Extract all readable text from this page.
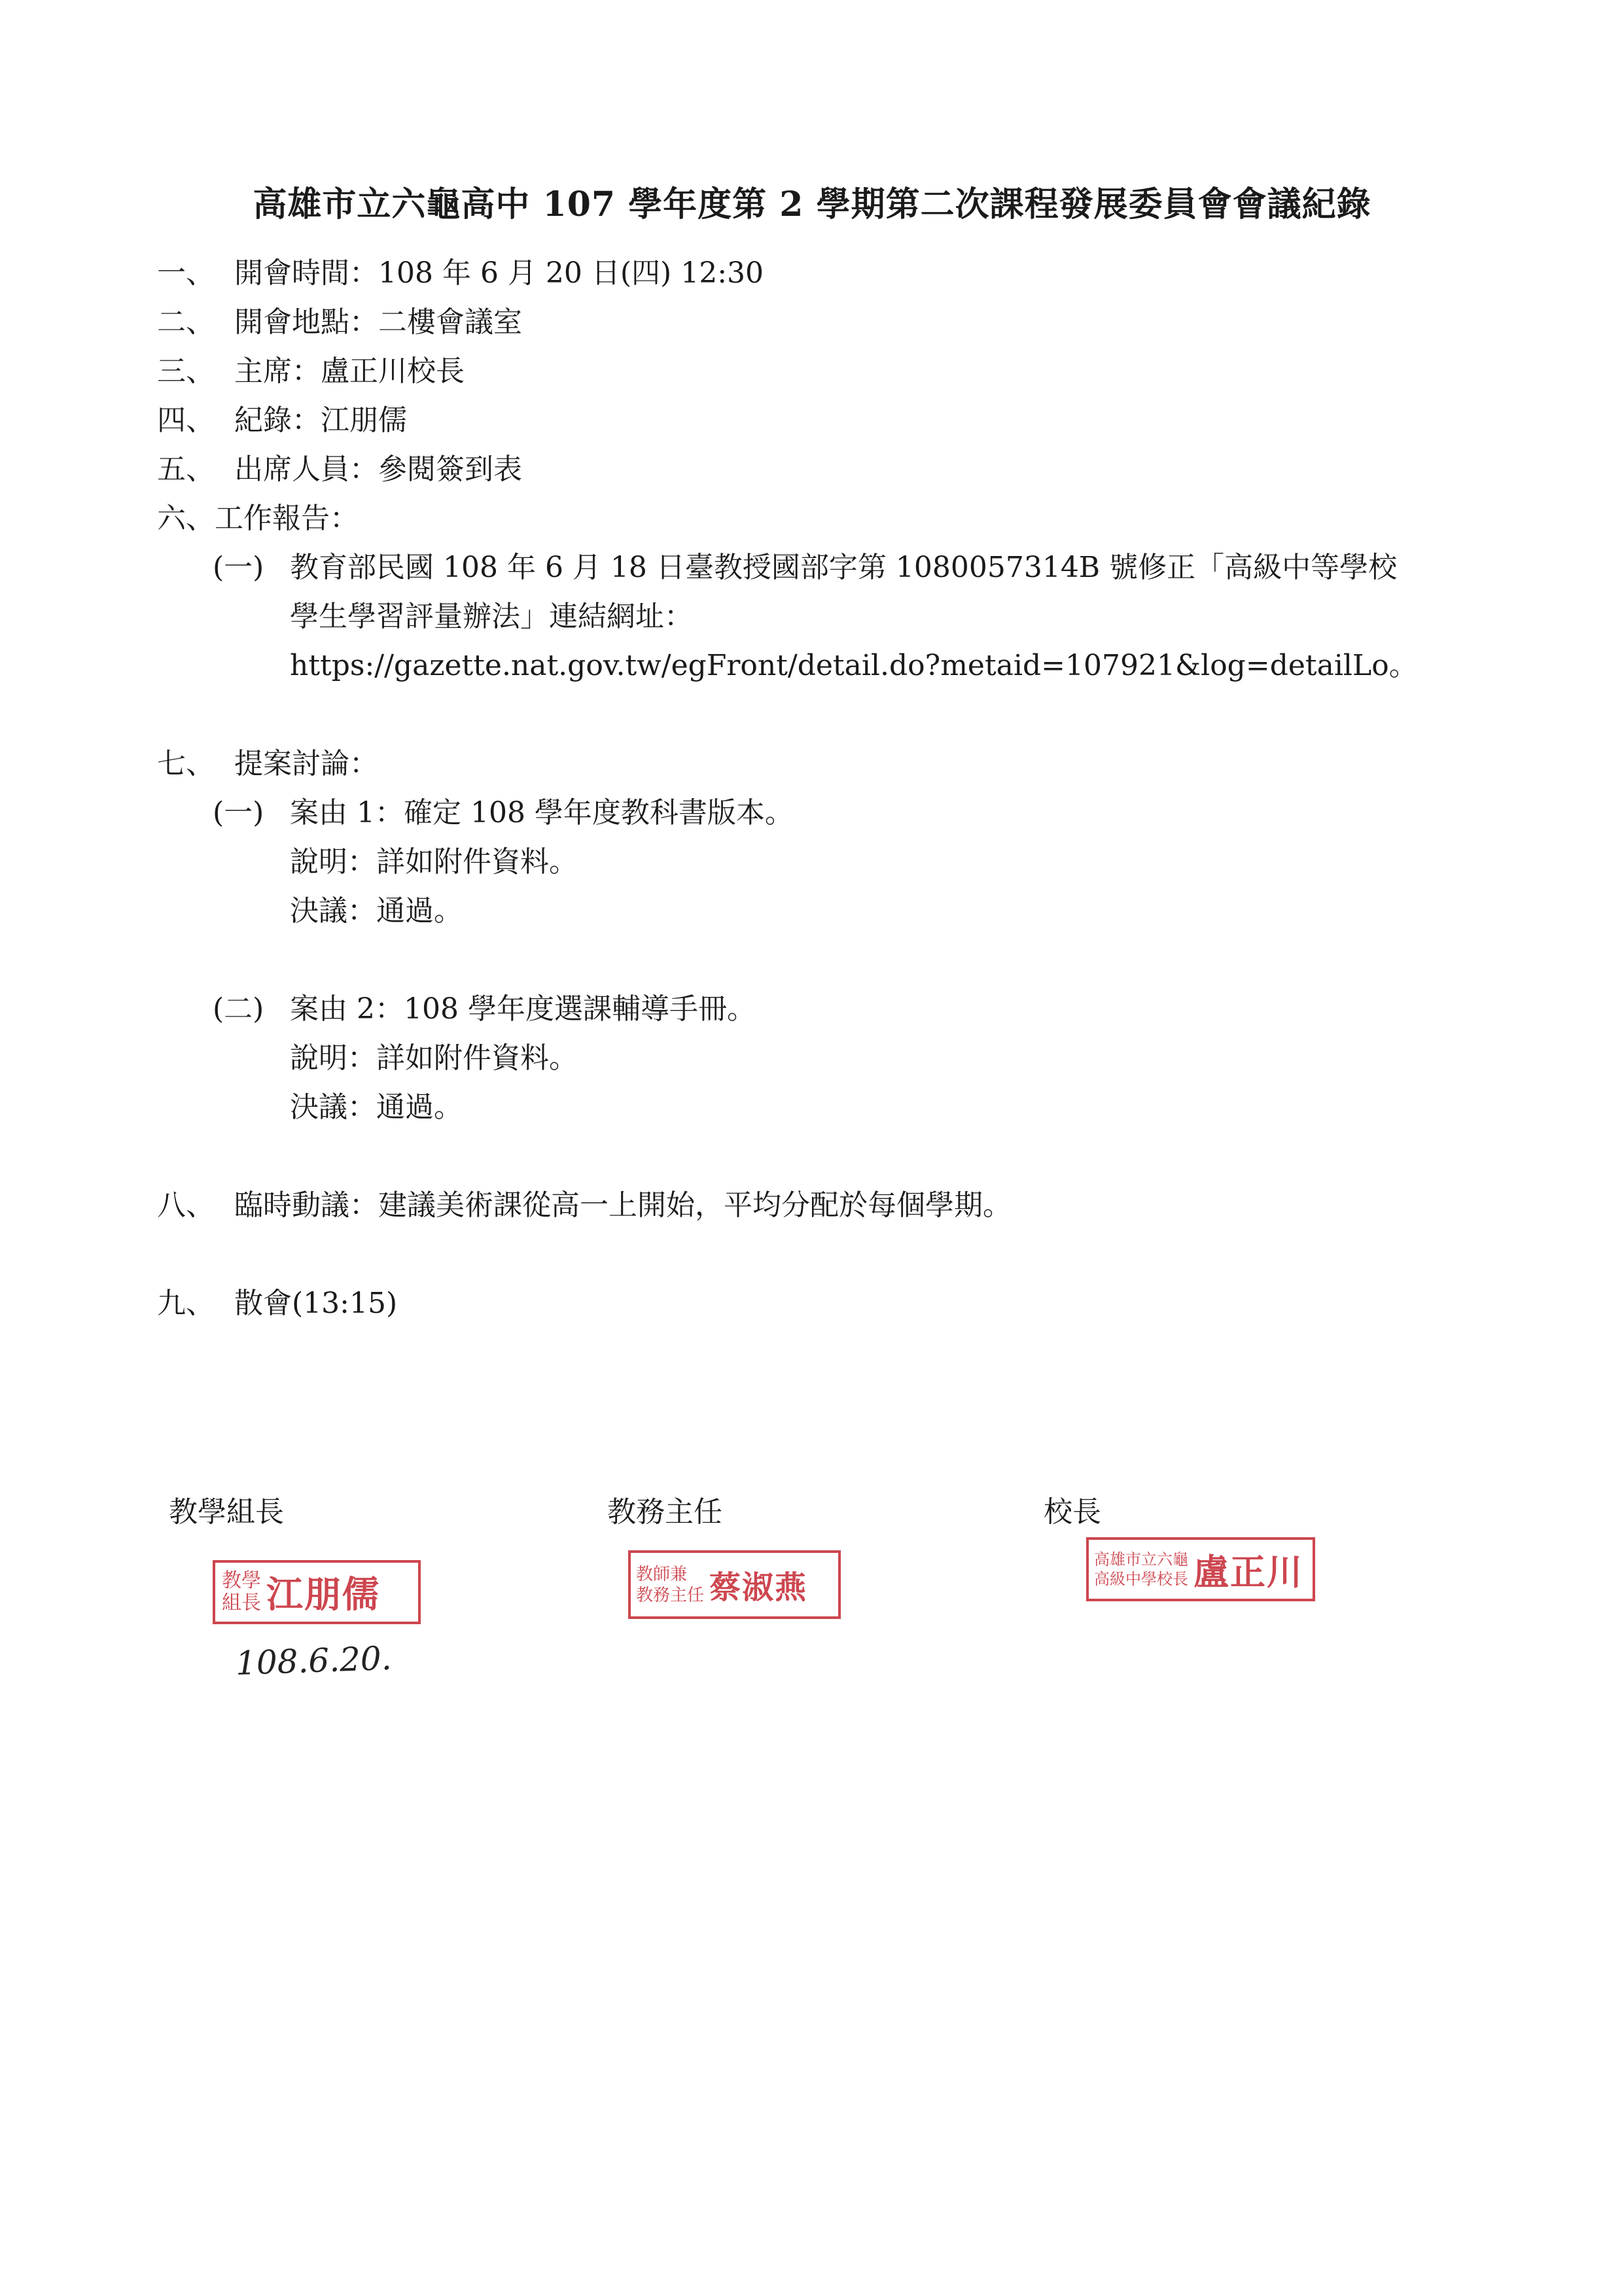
高雄市立六龜高中 107 學年度第 2 學期第二次課程發展委員會會議紀錄
一、 開會時間：108 年 6 月 20 日(四) 12:30
二、 開會地點：二樓會議室
三、 主席：盧正川校長
四、 紀錄：江朋儒
五、 出席人員：參閱簽到表
六、工作報告：
(一) 教育部民國 108 年 6 月 18 日臺教授國部字第 1080057314B 號修正「高級中等學校
學生學習評量辦法」連結網址：
https://gazette.nat.gov.tw/egFront/detail.do?metaid=107921&log=detailLo。
七、 提案討論：
(一) 案由 1：確定 108 學年度教科書版本。
說明：詳如附件資料。
決議：通過。
(二) 案由 2：108 學年度選課輔導手冊。
說明：詳如附件資料。
決議：通過。
八、 臨時動議：建議美術課從高一上開始，平均分配於每個學期。
九、 散會(13:15)
教學組長	教務主任	校長
教學
組長 江朋儒	教師兼
教務主任 蔡淑燕
高雄市立六龜
高級中學校長 盧正川
108.6.20.
